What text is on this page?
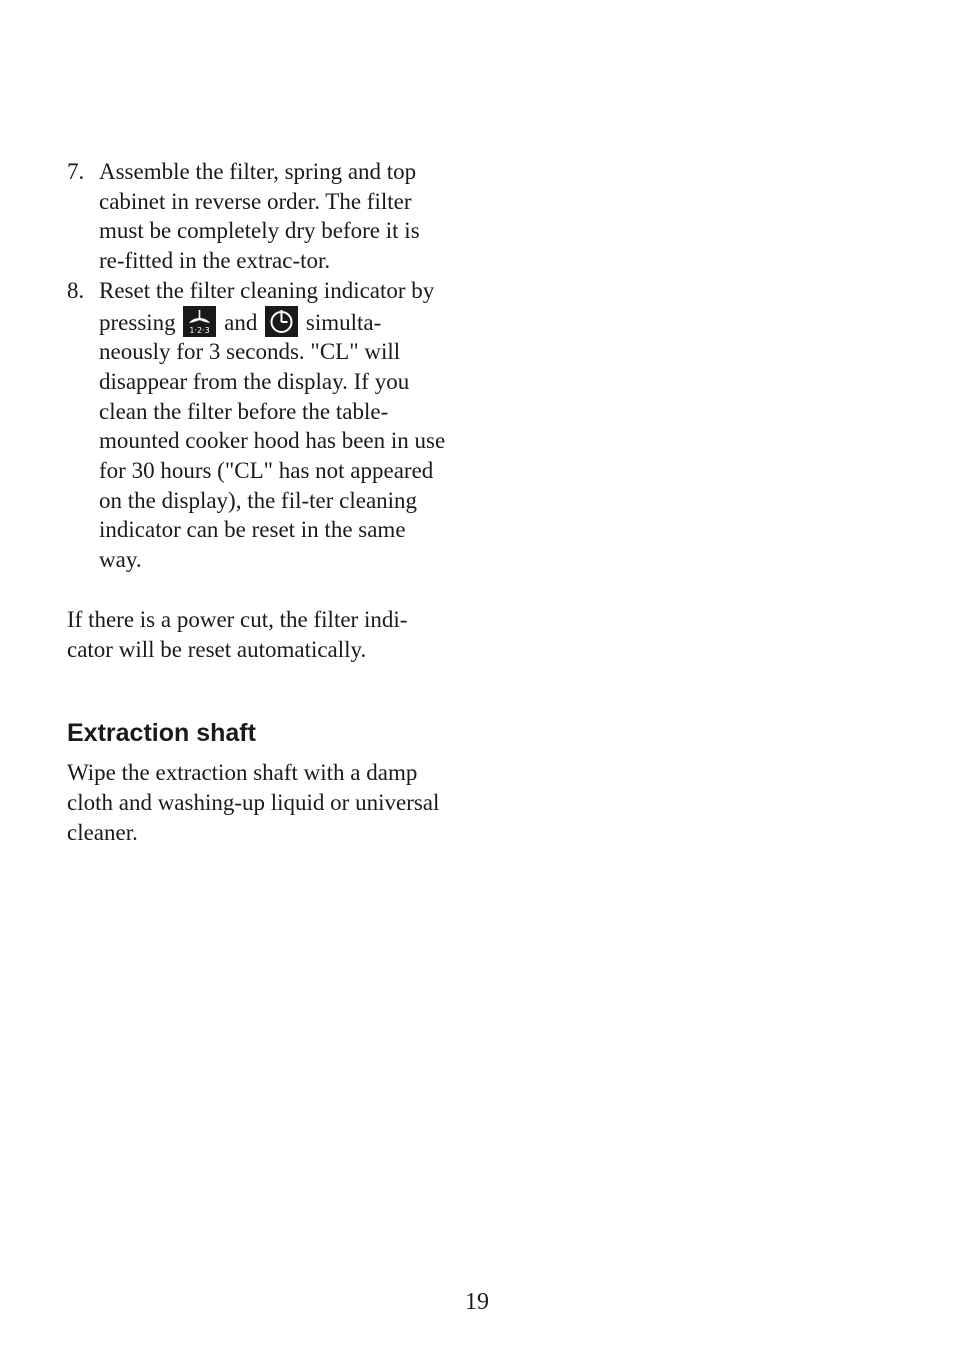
7. Assemble the filter, spring and top cabinet in reverse order. The filter must be completely dry before it is re-fitted in the extrac-tor.
8. Reset the filter cleaning indicator by pressing 1·2·3 and simulta-neously for 3 seconds. "CL" will disappear from the display. If you clean the filter before the table-mounted cooker hood has been in use for 30 hours ("CL" has not appeared on the display), the fil-ter cleaning indicator can be reset in the same way.

If there is a power cut, the filter indi-cator will be reset automatically.

Extraction shaft

Wipe the extraction shaft with a damp cloth and washing-up liquid or universal cleaner.

19
